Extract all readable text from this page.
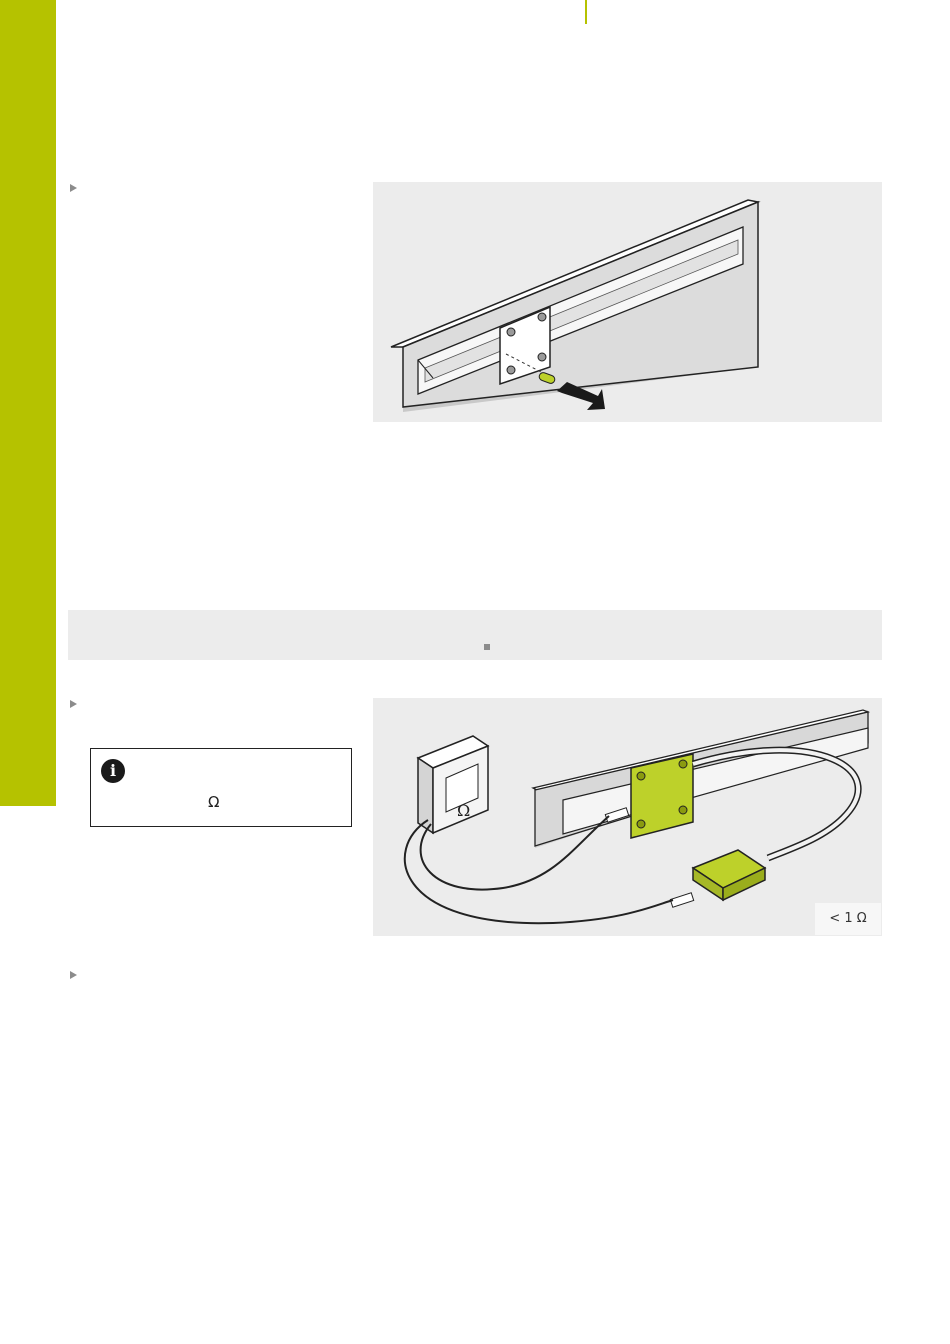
i
Ω	Ω
< 1 Ω
